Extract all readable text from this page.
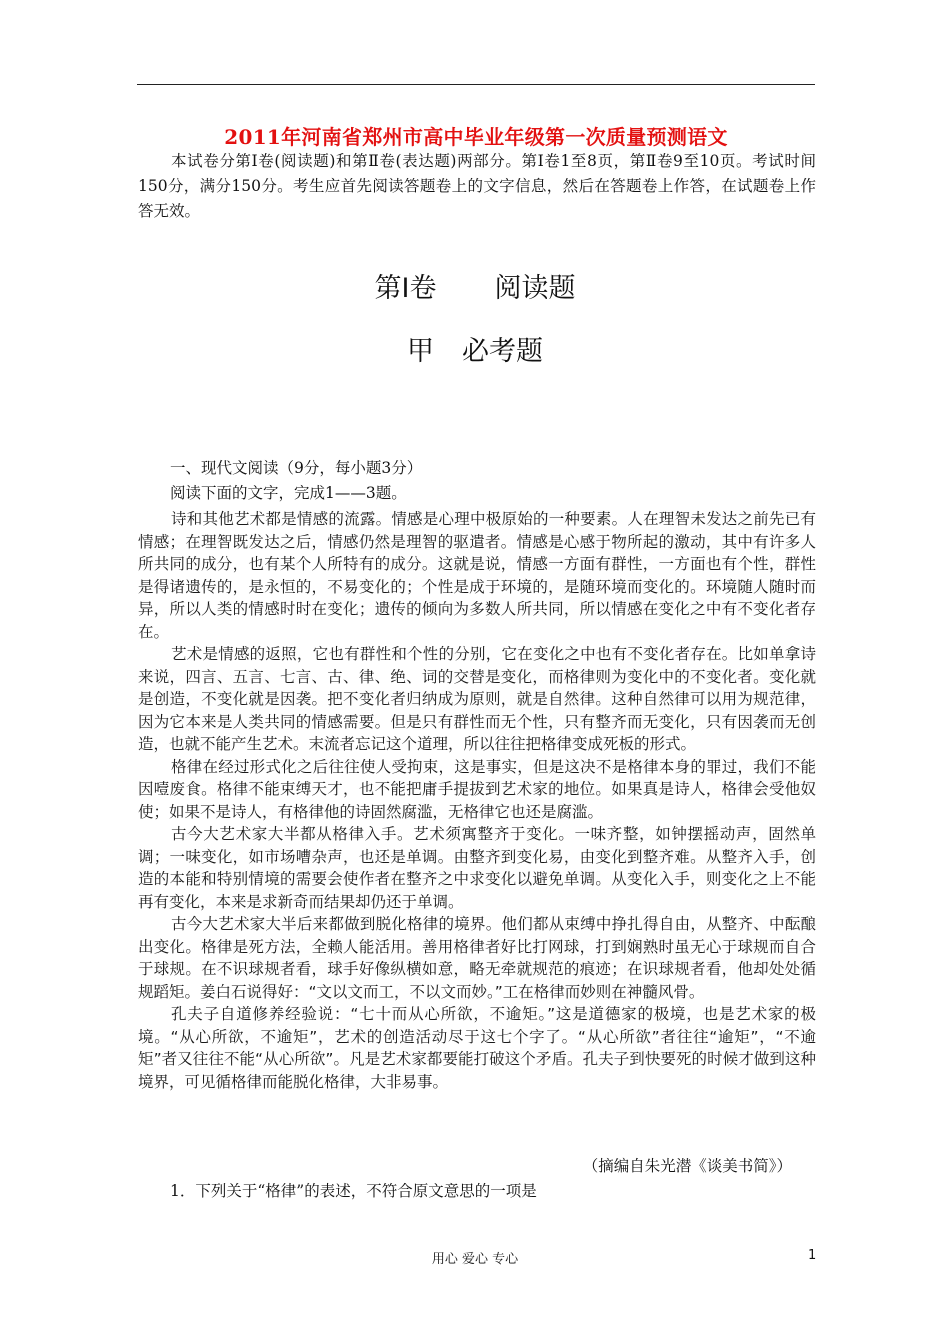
2011年河南省郑州市高中毕业年级第一次质量预测语文
本试卷分第Ⅰ卷(阅读题)和第Ⅱ卷(表达题)两部分。第Ⅰ卷1至8页，第Ⅱ卷9至10页。考试时间150分，满分150分。考生应首先阅读答题卷上的文字信息，然后在答题卷上作答，在试题卷上作答无效。
第Ⅰ卷 阅读题
甲 必考题
一、现代文阅读（9分，每小题3分）
阅读下面的文字，完成1——3题。

诗和其他艺术都是情感的流露。情感是心理中极原始的一种要素。人在理智未发达之前先已有情感；在理智既发达之后，情感仍然是理智的驱遣者。情感是心感于物所起的激动，其中有许多人所共同的成分，也有某个人所特有的成分。这就是说，情感一方面有群性，一方面也有个性，群性是得诸遗传的，是永恒的，不易变化的；个性是成于环境的，是随环境而变化的。环境随人随时而异，所以人类的情感时时在变化；遗传的倾向为多数人所共同，所以情感在变化之中有不变化者存在。

艺术是情感的返照，它也有群性和个性的分别，它在变化之中也有不变化者存在。比如单拿诗来说，四言、五言、七言、古、律、绝、词的交替是变化，而格律则为变化中的不变化者。变化就是创造，不变化就是因袭。把不变化者归纳成为原则，就是自然律。这种自然律可以用为规范律，因为它本来是人类共同的情感需要。但是只有群性而无个性，只有整齐而无变化，只有因袭而无创造，也就不能产生艺术。末流者忘记这个道理，所以往往把格律变成死板的形式。

格律在经过形式化之后往往使人受拘束，这是事实，但是这决不是格律本身的罪过，我们不能因噎废食。格律不能束缚天才，也不能把庸手提拔到艺术家的地位。如果真是诗人，格律会受他奴使；如果不是诗人，有格律他的诗固然腐滥，无格律它也还是腐滥。

古今大艺术家大半都从格律入手。艺术须寓整齐于变化。一味齐整，如钟摆摇动声，固然单调；一味变化，如市场嘈杂声，也还是单调。由整齐到变化易，由变化到整齐难。从整齐入手，创造的本能和特别情境的需要会使作者在整齐之中求变化以避免单调。从变化入手，则变化之上不能再有变化，本来是求新奇而结果却仍还于单调。

古今大艺术家大半后来都做到脱化格律的境界。他们都从束缚中挣扎得自由，从整齐、中酝酿出变化。格律是死方法，全赖人能活用。善用格律者好比打网球，打到娴熟时虽无心于球规而自合于球规。在不识球规者看，球手好像纵横如意，略无牵就规范的痕迹；在识球规者看，他却处处循规蹈矩。姜白石说得好：“文以文而工，不以文而妙。”工在格律而妙则在神髓风骨。

孔夫子自道修养经验说：“七十而从心所欲，不逾矩。”这是道德家的极境，也是艺术家的极境。“从心所欲，不逾矩”，艺术的创造活动尽于这七个字了。“从心所欲”者往往“逾矩”，“不逾矩”者又往往不能“从心所欲”。凡是艺术家都要能打破这个矛盾。孔夫子到快要死的时候才做到这种境界，可见循格律而能脱化格律，大非易事。

（摘编自朱光潜《谈美书简》）
1．下列关于“格律”的表述，不符合原文意思的一项是
用心 爱心 专心	1
